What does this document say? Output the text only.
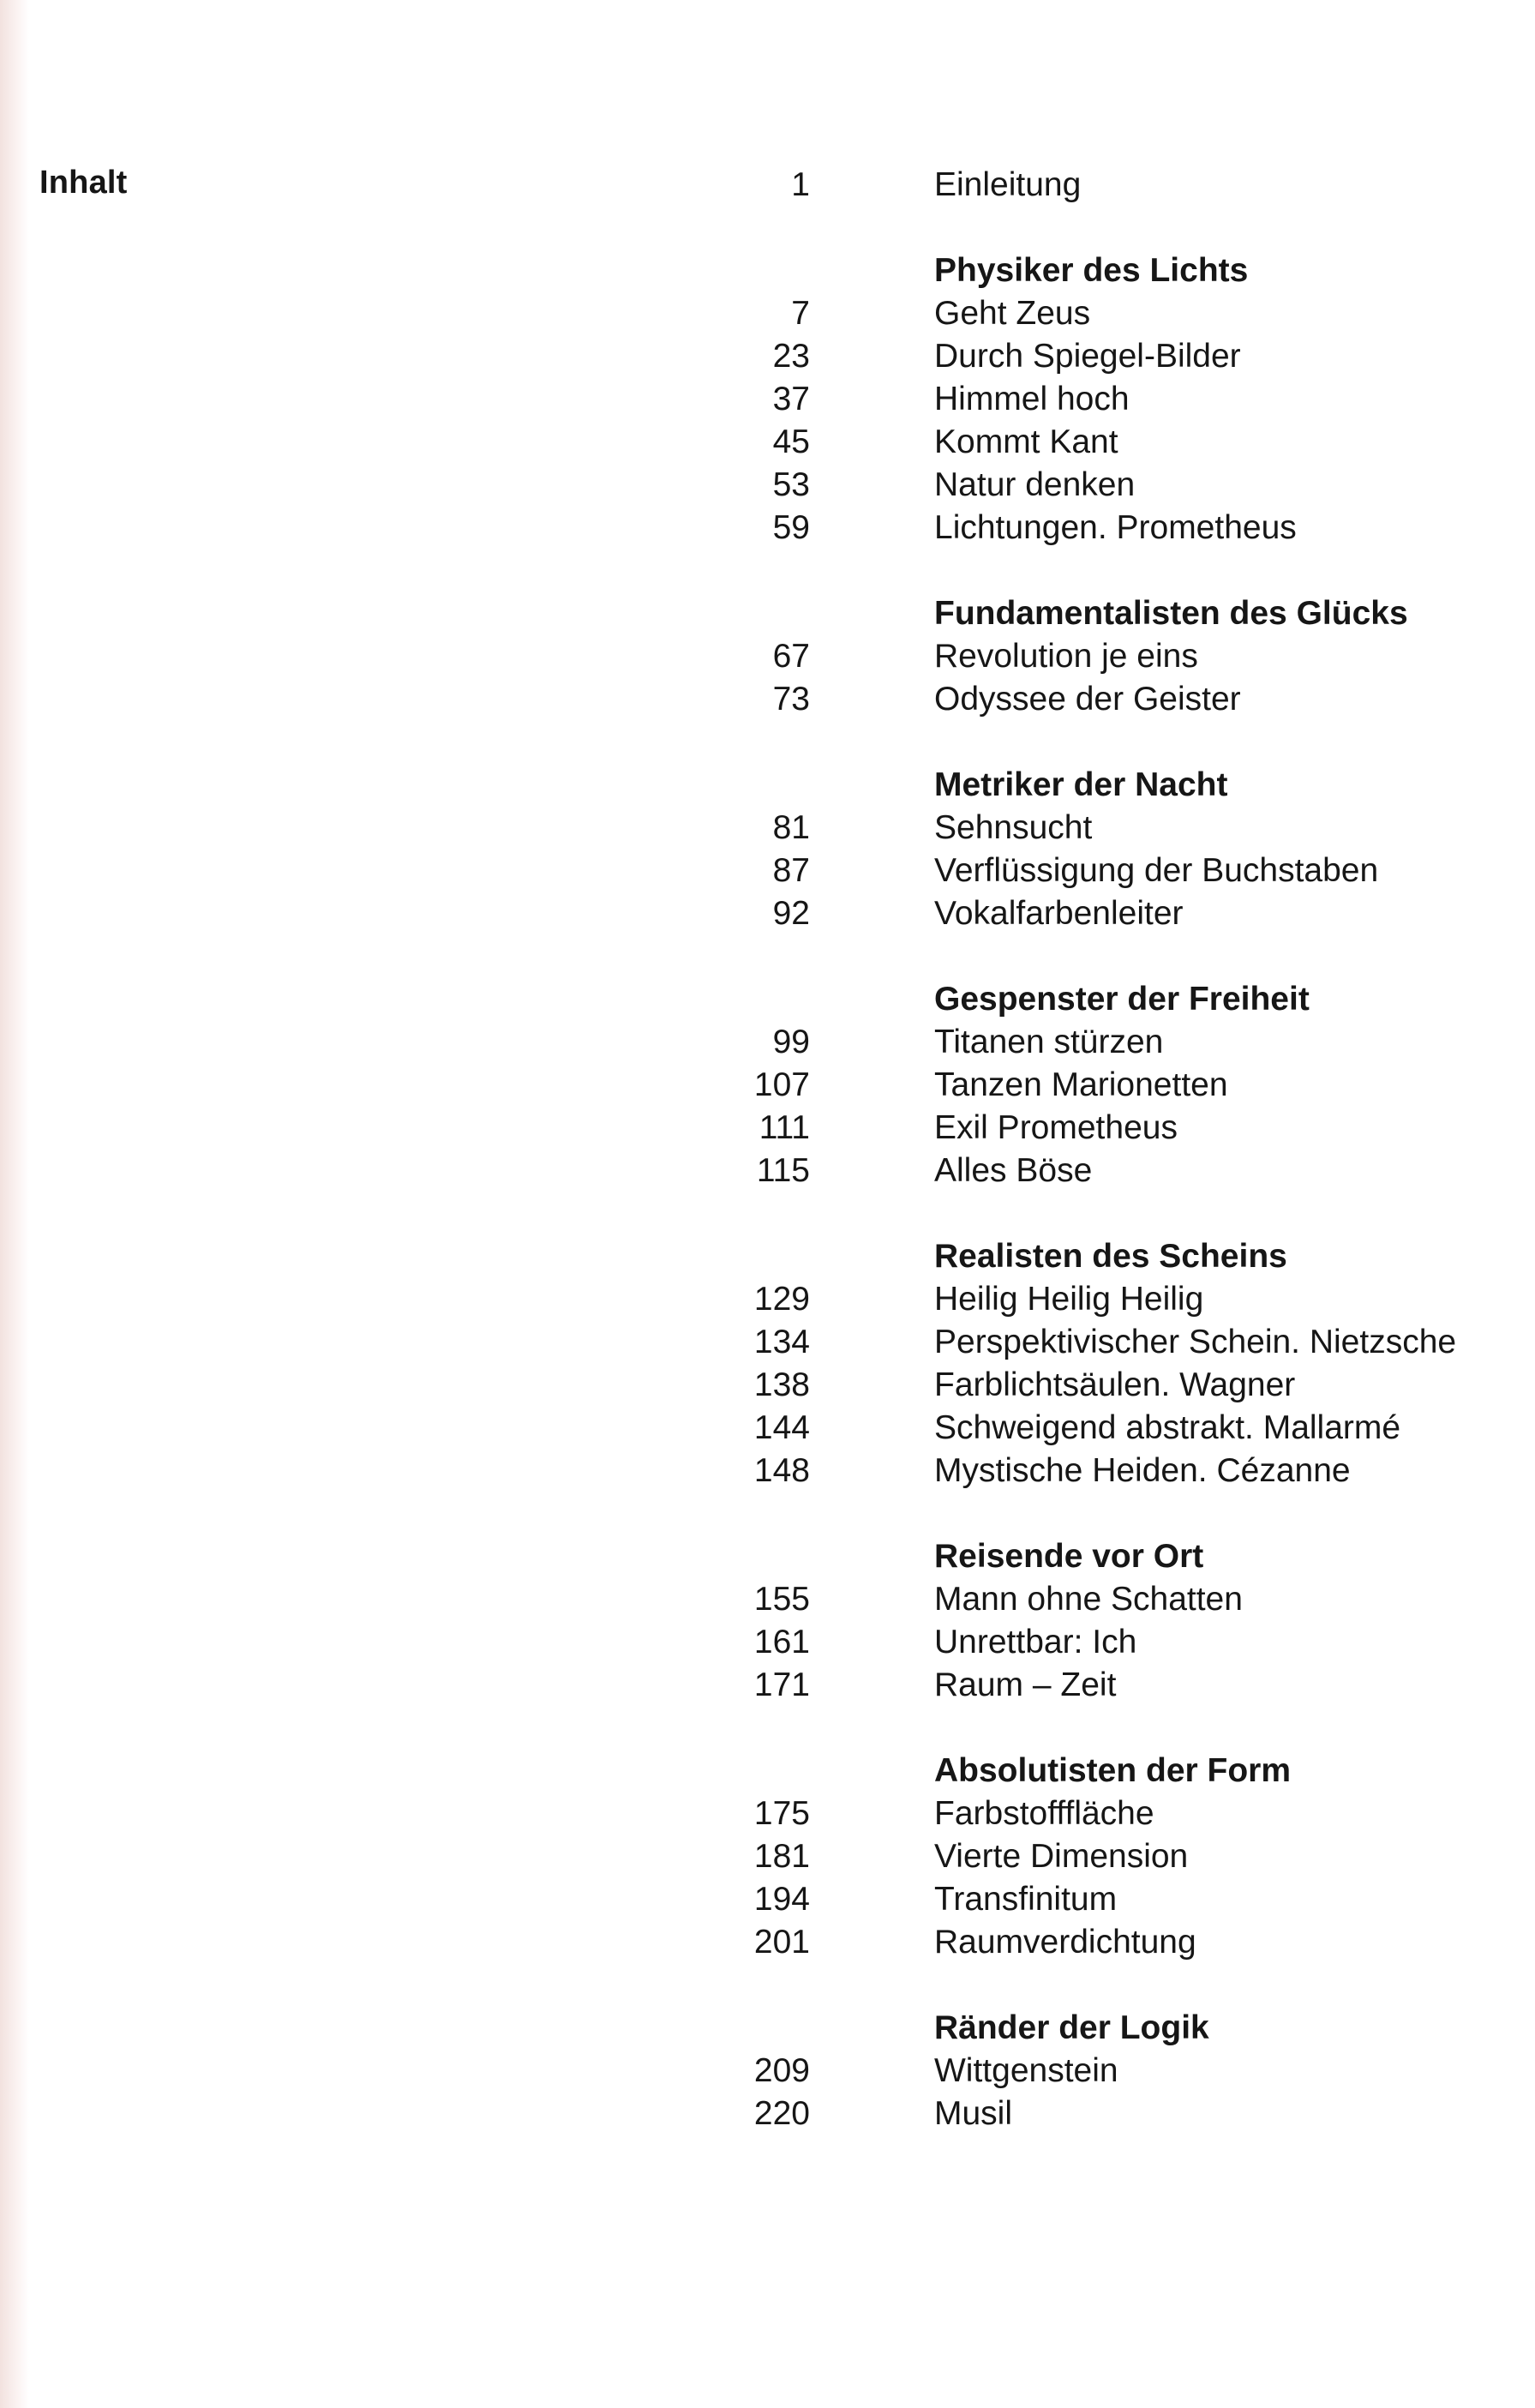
Inhalt	1	Einleitung
Physiker des Lichts
7	Geht Zeus
23	Durch Spiegel-Bilder
37	Himmel hoch
45	Kommt Kant
53	Natur denken
59	Lichtungen. Prometheus
Fundamentalisten des Glücks
67	Revolution je eins
73	Odyssee der Geister
Metriker der Nacht
81	Sehnsucht
87	Verflüssigung der Buchstaben
92	Vokalfarbenleiter
Gespenster der Freiheit
99	Titanen stürzen
107	Tanzen Marionetten
111	Exil Prometheus
115	Alles Böse
Realisten des Scheins
129	Heilig Heilig Heilig
134	Perspektivischer Schein. Nietzsche
138	Farblichtsäulen. Wagner
144	Schweigend abstrakt. Mallarmé
148	Mystische Heiden. Cézanne
Reisende vor Ort
155	Mann ohne Schatten
161	Unrettbar: Ich
171	Raum – Zeit
Absolutisten der Form
175	Farbstofffläche
181	Vierte Dimension
194	Transfinitum
201	Raumverdichtung
Ränder der Logik
209	Wittgenstein
220	Musil
